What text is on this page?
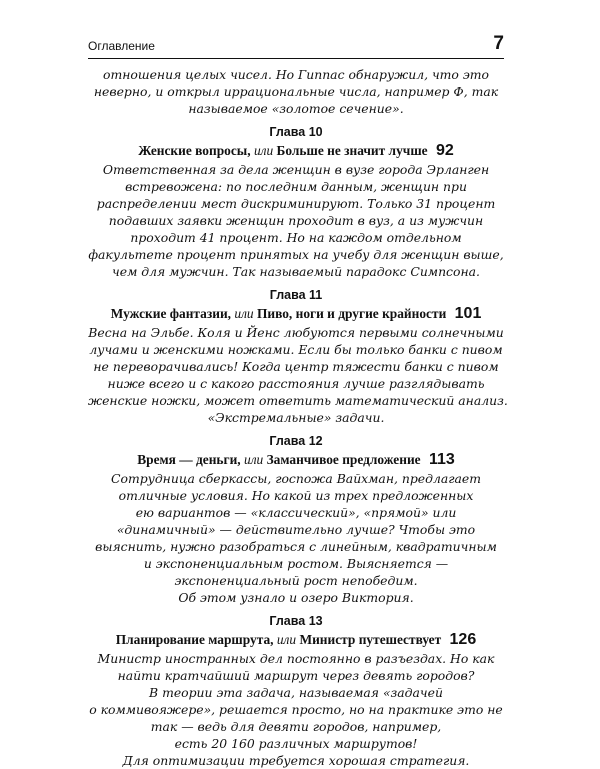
Оглавление	7
отношения целых чисел. Но Гиппас обнаружил, что это
неверно, и открыл иррациональные числа, например Ф, так
называемое «золотое сечение».
Глава 10
Женские вопросы, или Больше не значит лучше 92
Ответственная за дела женщин в вузе города Эрланген
встревожена: по последним данным, женщин при
распределении мест дискриминируют. Только 31 процент
подавших заявки женщин проходит в вуз, а из мужчин
проходит 41 процент. Но на каждом отдельном
факультете процент принятых на учебу для женщин выше,
чем для мужчин. Так называемый парадокс Симпсона.
Глава 11
Мужские фантазии, или Пиво, ноги и другие крайности 101
Весна на Эльбе. Коля и Йенс любуются первыми солнечными
лучами и женскими ножками. Если бы только банки с пивом
не переворачивались! Когда центр тяжести банки с пивом
ниже всего и с какого расстояния лучше разглядывать
женские ножки, может ответить математический анализ.
«Экстремальные» задачи.
Глава 12
Время — деньги, или Заманчивое предложение 113
Сотрудница сберкассы, госпожа Вайхман, предлагает
отличные условия. Но какой из трех предложенных
ею вариантов — «классический», «прямой» или
«динамичный» — действительно лучше? Чтобы это
выяснить, нужно разобраться с линейным, квадратичным
и экспоненциальным ростом. Выясняется —
экспоненциальный рост непобедим.
Об этом узнало и озеро Виктория.
Глава 13
Планирование маршрута, или Министр путешествует 126
Министр иностранных дел постоянно в разъездах. Но как
найти кратчайший маршрут через девять городов?
В теории эта задача, называемая «задачей
о коммивояжере», решается просто, но на практике это не
так — ведь для девяти городов, например,
есть 20 160 различных маршрутов!
Для оптимизации требуется хорошая стратегия.
